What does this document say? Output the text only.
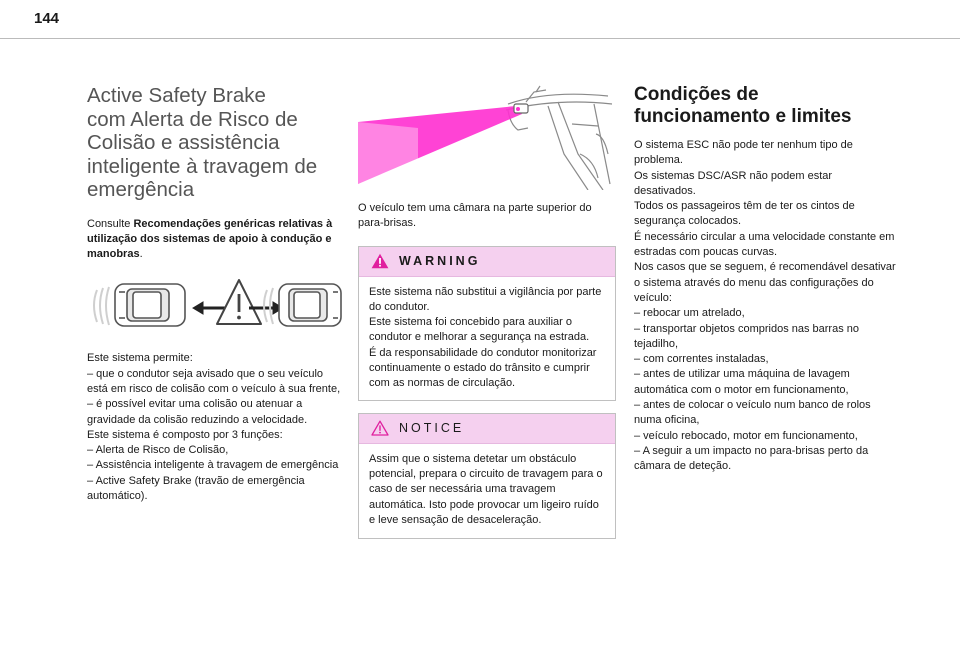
144
Active Safety Brake
com Alerta de Risco de
Colisão e assistência
inteligente à travagem de
emergência

Consulte Recomendações genéricas relativas à utilização dos sistemas de apoio à condução e manobras.

Este sistema permite:

– que o condutor seja avisado que o seu veículo está em risco de colisão com o veículo à sua frente,

– é possível evitar uma colisão ou atenuar a gravidade da colisão reduzindo a velocidade.

Este sistema é composto por 3 funções:

– Alerta de Risco de Colisão,

– Assistência inteligente à travagem de emergência

– Active Safety Brake (travão de emergência automático).

O veículo tem uma câmara na parte superior do para-brisas.

WARNING

Este sistema não substitui a vigilância por parte do condutor.

Este sistema foi concebido para auxiliar o condutor e melhorar a segurança na estrada.

É da responsabilidade do condutor monitorizar continuamente o estado do trânsito e cumprir com as normas de circulação.

NOTICE

Assim que o sistema detetar um obstáculo potencial, prepara o circuito de travagem para o caso de ser necessária uma travagem automática. Isto pode provocar um ligeiro ruído e leve sensação de desaceleração.

Condições de funcionamento e limites

O sistema ESC não pode ter nenhum tipo de problema.

Os sistemas DSC/ASR não podem estar desativados.

Todos os passageiros têm de ter os cintos de segurança colocados.

É necessário circular a uma velocidade constante em estradas com poucas curvas.

Nos casos que se seguem, é recomendável desativar o sistema através do menu das configurações do veículo:

– rebocar um atrelado,

– transportar objetos compridos nas barras no tejadilho,

– com correntes instaladas,

– antes de utilizar uma máquina de lavagem automática com o motor em funcionamento,

– antes de colocar o veículo num banco de rolos numa oficina,

– veículo rebocado, motor em funcionamento,

– A seguir a um impacto no para-brisas perto da câmara de deteção.
